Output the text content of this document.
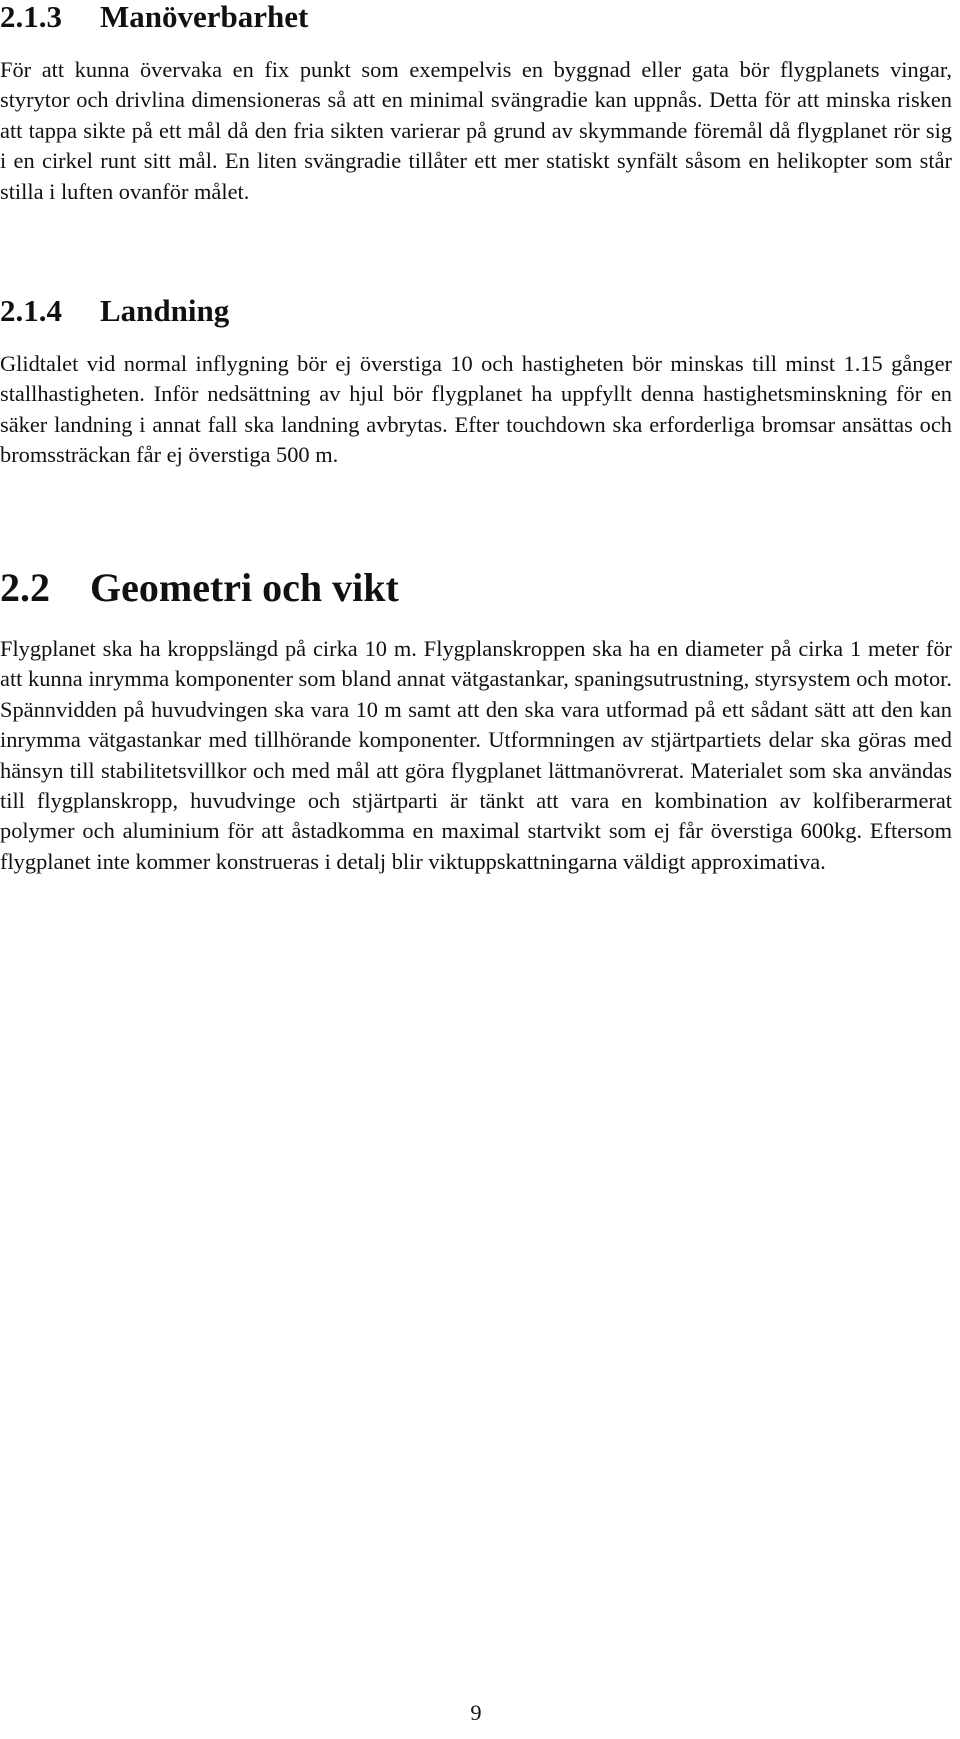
2.1.3 Manöverbarhet

För att kunna övervaka en fix punkt som exempelvis en byggnad eller gata bör flygplanets vingar, styrytor och drivlina dimensioneras så att en minimal svängradie kan uppnås. Detta för att minska risken att tappa sikte på ett mål då den fria sikten varierar på grund av skymmande föremål då flygplanet rör sig i en cirkel runt sitt mål. En liten svängradie tillåter ett mer statiskt synfält såsom en helikopter som står stilla i luften ovanför målet.

2.1.4 Landning

Glidtalet vid normal inflygning bör ej överstiga 10 och hastigheten bör minskas till minst 1.15 gånger stallhastigheten. Inför nedsättning av hjul bör flygplanet ha uppfyllt denna hastighetsminskning för en säker landning i annat fall ska landning avbrytas. Efter touchdown ska erforderliga bromsar ansättas och bromssträckan får ej överstiga 500 m.

2.2 Geometri och vikt

Flygplanet ska ha kroppslängd på cirka 10 m. Flygplanskroppen ska ha en diameter på cirka 1 meter för att kunna inrymma komponenter som bland annat vätgastankar, spaningsutrustning, styrsystem och motor. Spännvidden på huvudvingen ska vara 10 m samt att den ska vara utformad på ett sådant sätt att den kan inrymma vätgastankar med tillhörande komponenter. Utformningen av stjärtpartiets delar ska göras med hänsyn till stabilitetsvillkor och med mål att göra flygplanet lättmanövrerat. Materialet som ska användas till flygplanskropp, huvudvinge och stjärtparti är tänkt att vara en kombination av kolfiberarmerat polymer och aluminium för att åstadkomma en maximal startvikt som ej får överstiga 600kg. Eftersom flygplanet inte kommer konstrueras i detalj blir viktuppskattningarna väldigt approximativa.

9
